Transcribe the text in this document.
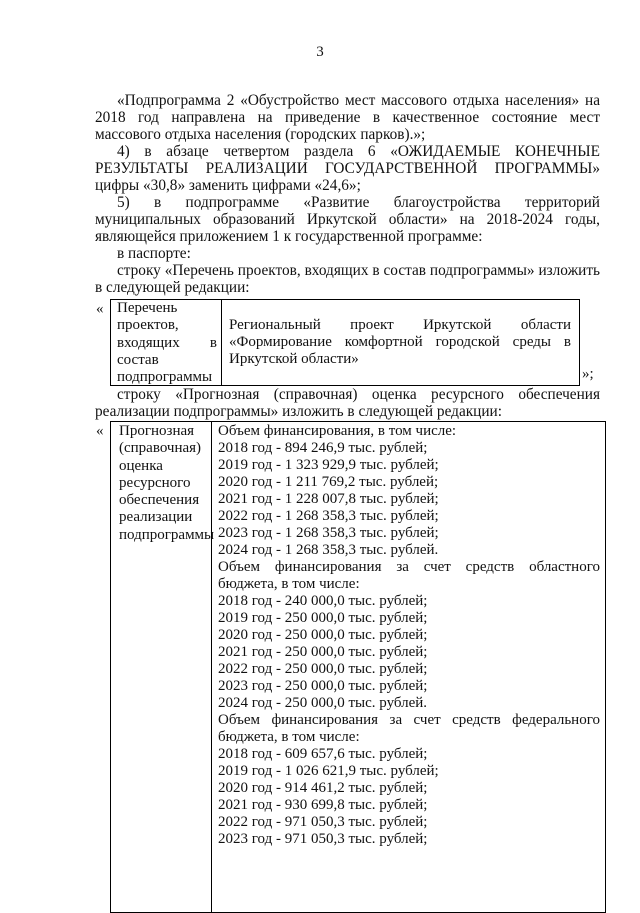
3

«Подпрограмма 2 «Обустройство мест массового отдыха населения» на 2018 год направлена на приведение в качественное состояние мест массового отдыха населения (городских парков).»;

4) в абзаце четвертом раздела 6 «ОЖИДАЕМЫЕ КОНЕЧНЫЕ РЕЗУЛЬТАТЫ РЕАЛИЗАЦИИ ГОСУДАРСТВЕННОЙ ПРОГРАММЫ» цифры «30,8» заменить цифрами «24,6»;

5) в подпрограмме «Развитие благоустройства территорий муниципальных образований Иркутской области» на 2018-2024 годы, являющейся приложением 1 к государственной программе:

в паспорте:

строку «Перечень проектов, входящих в состав подпрограммы» изложить в следующей редакции:

« Перечень
проектов,
входящих в
состав
подпрограммы
Региональный проект Иркутской области «Формирование комфортной городской среды в Иркутской области»
»;

строку «Прогнозная (справочная) оценка ресурсного обеспечения реализации подпрограммы» изложить в следующей редакции:

« Прогнозная
(справочная)
оценка
ресурсного
обеспечения
реализации
подпрограммы
Объем финансирования, в том числе:
2018 год - 894 246,9 тыс. рублей;
2019 год - 1 323 929,9 тыс. рублей;
2020 год - 1 211 769,2 тыс. рублей;
2021 год - 1 228 007,8 тыс. рублей;
2022 год - 1 268 358,3 тыс. рублей;
2023 год - 1 268 358,3 тыс. рублей;
2024 год - 1 268 358,3 тыс. рублей.
Объем финансирования за счет средств областного
бюджета, в том числе:
2018 год - 240 000,0 тыс. рублей;
2019 год - 250 000,0 тыс. рублей;
2020 год - 250 000,0 тыс. рублей;
2021 год - 250 000,0 тыс. рублей;
2022 год - 250 000,0 тыс. рублей;
2023 год - 250 000,0 тыс. рублей;
2024 год - 250 000,0 тыс. рублей.
Объем финансирования за счет средств федерального
бюджета, в том числе:
2018 год - 609 657,6 тыс. рублей;
2019 год - 1 026 621,9 тыс. рублей;
2020 год - 914 461,2 тыс. рублей;
2021 год - 930 699,8 тыс. рублей;
2022 год - 971 050,3 тыс. рублей;
2023 год - 971 050,3 тыс. рублей;
